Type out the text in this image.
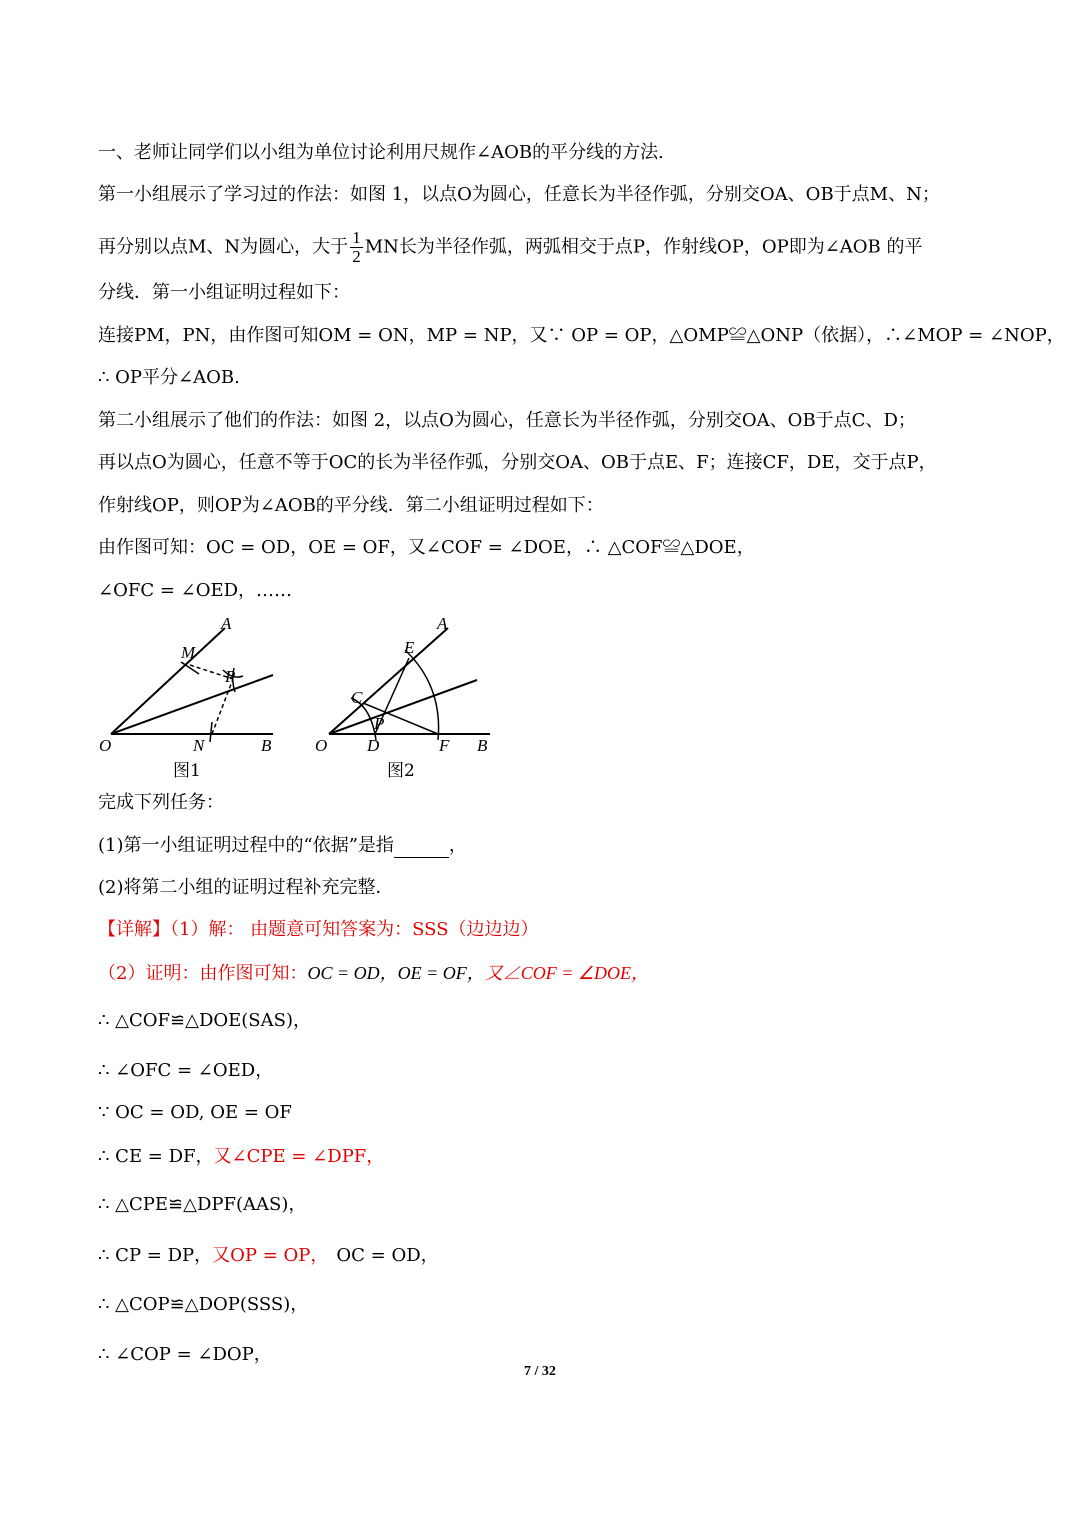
一、老师让同学们以小组为单位讨论利用尺规作∠AOB的平分线的方法.
第一小组展示了学习过的作法：如图 1，以点O为圆心，任意长为半径作弧，分别交OA、OB于点M、N；
再分别以点M、N为圆心，大于 $\frac{1}{2}$ MN长为半径作弧，两弧相交于点P，作射线OP，OP即为∠AOB 的平
分线．第一小组证明过程如下：
连接PM，PN，由作图可知OM = ON，MP = NP，又∵ OP = OP，△OMP≌△ONP（依据），∴∠MOP = ∠NOP，
∴ OP平分∠AOB.
第二小组展示了他们的作法：如图 2，以点O为圆心，任意长为半径作弧，分别交OA、OB于点C、D；
再以点O为圆心，任意不等于OC的长为半径作弧，分别交OA、OB于点E、F；连接CF，DE，交于点P，
作射线OP，则OP为∠AOB的平分线．第二小组证明过程如下：
由作图可知：OC = OD，OE = OF，又∠COF = ∠DOE，∴ △COF≌△DOE，
∠OFC = ∠OED，……
A
M
P
O	N	B
图1
A
E
C
P
O D	F B
图2
完成下列任务：
(1)第一小组证明过程中的“依据”是指	，
(2)将第二小组的证明过程补充完整．
【详解】（1）解： 由题意可知答案为：SSS（边边边）
（2）证明：由作图可知：OC = OD，OE = OF，又∠COF = ∠DOE，
∴ △COF≌△DOE(SAS)，
∴ ∠OFC = ∠OED，
∵ OC = OD, OE = OF
∴ CE = DF，又∠CPE = ∠DPF，
∴ △CPE≌△DPF(AAS)，
∴ CP = DP，又OP = OP， OC = OD，
∴ △COP≌△DOP(SSS)，
∴ ∠COP = ∠DOP，
7 / 32
